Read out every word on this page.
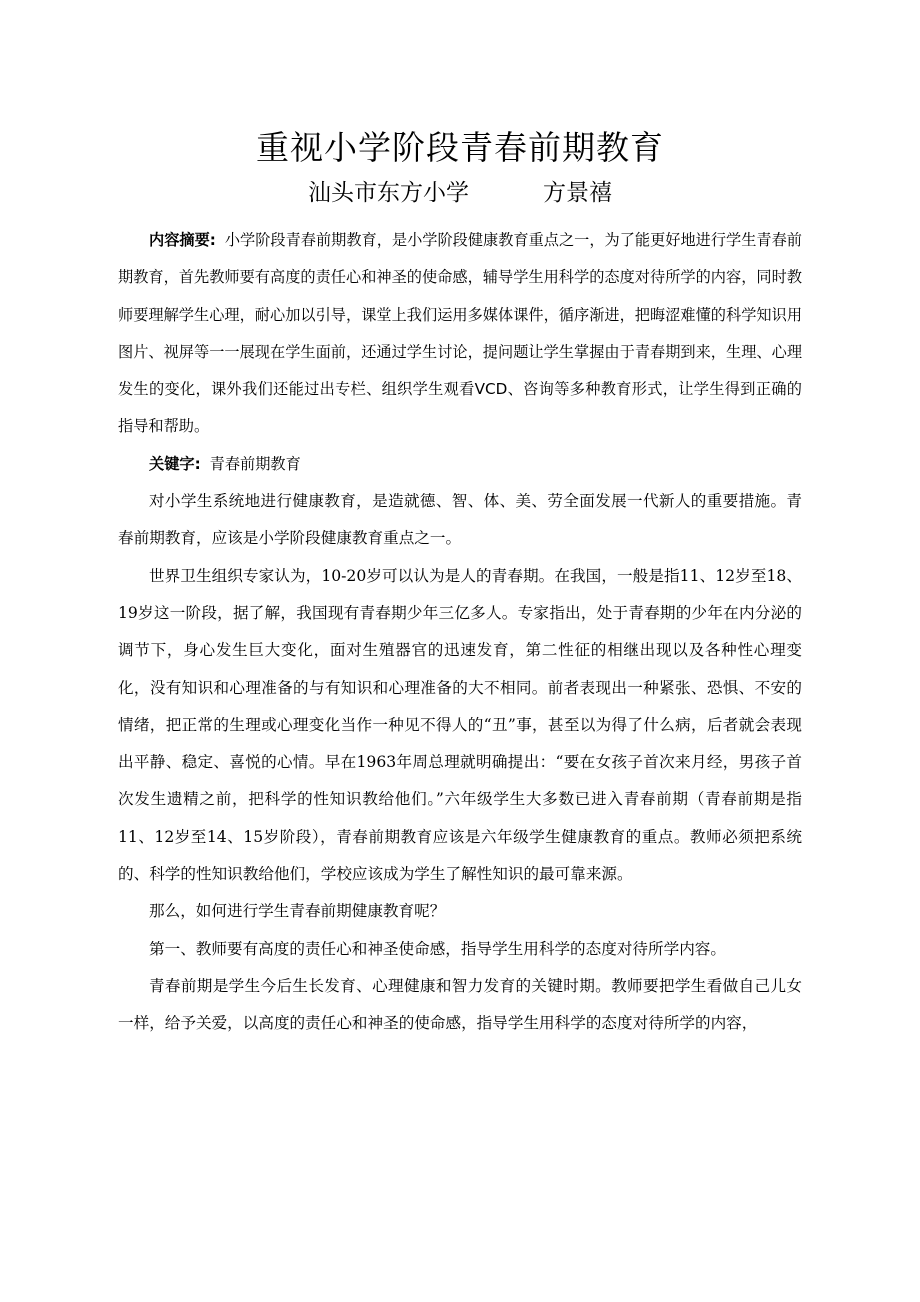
重视小学阶段青春前期教育
汕头市东方小学	方景禧

内容摘要: 小学阶段青春前期教育，是小学阶段健康教育重点之一，为了能更好地进行学生青春前期教育，首先教师要有高度的责任心和神圣的使命感，辅导学生用科学的态度对待所学的内容，同时教师要理解学生心理，耐心加以引导，课堂上我们运用多媒体课件，循序渐进，把晦涩难懂的科学知识用图片、视屏等一一展现在学生面前，还通过学生讨论，提问题让学生掌握由于青春期到来，生理、心理发生的变化，课外我们还能过出专栏、组织学生观看VCD、咨询等多种教育形式，让学生得到正确的指导和帮助。

关键字: 青春前期教育

对小学生系统地进行健康教育，是造就德、智、体、美、劳全面发展一代新人的重要措施。青春前期教育，应该是小学阶段健康教育重点之一。

世界卫生组织专家认为，10-20岁可以认为是人的青春期。在我国，一般是指11、12岁至18、19岁这一阶段，据了解，我国现有青春期少年三亿多人。专家指出，处于青春期的少年在内分泌的调节下，身心发生巨大变化，面对生殖器官的迅速发育，第二性征的相继出现以及各种性心理变化，没有知识和心理准备的与有知识和心理准备的大不相同。前者表现出一种紧张、恐惧、不安的情绪，把正常的生理或心理变化当作一种见不得人的“丑”事，甚至以为得了什么病，后者就会表现出平静、稳定、喜悦的心情。早在1963年周总理就明确提出：“要在女孩子首次来月经，男孩子首次发生遗精之前，把科学的性知识教给他们。”六年级学生大多数已进入青春前期（青春前期是指11、12岁至14、15岁阶段），青春前期教育应该是六年级学生健康教育的重点。教师必须把系统的、科学的性知识教给他们，学校应该成为学生了解性知识的最可靠来源。

那么，如何进行学生青春前期健康教育呢？

第一、教师要有高度的责任心和神圣使命感，指导学生用科学的态度对待所学内容。

青春前期是学生今后生长发育、心理健康和智力发育的关键时期。教师要把学生看做自己儿女一样，给予关爱，以高度的责任心和神圣的使命感，指导学生用科学的态度对待所学的内容，
